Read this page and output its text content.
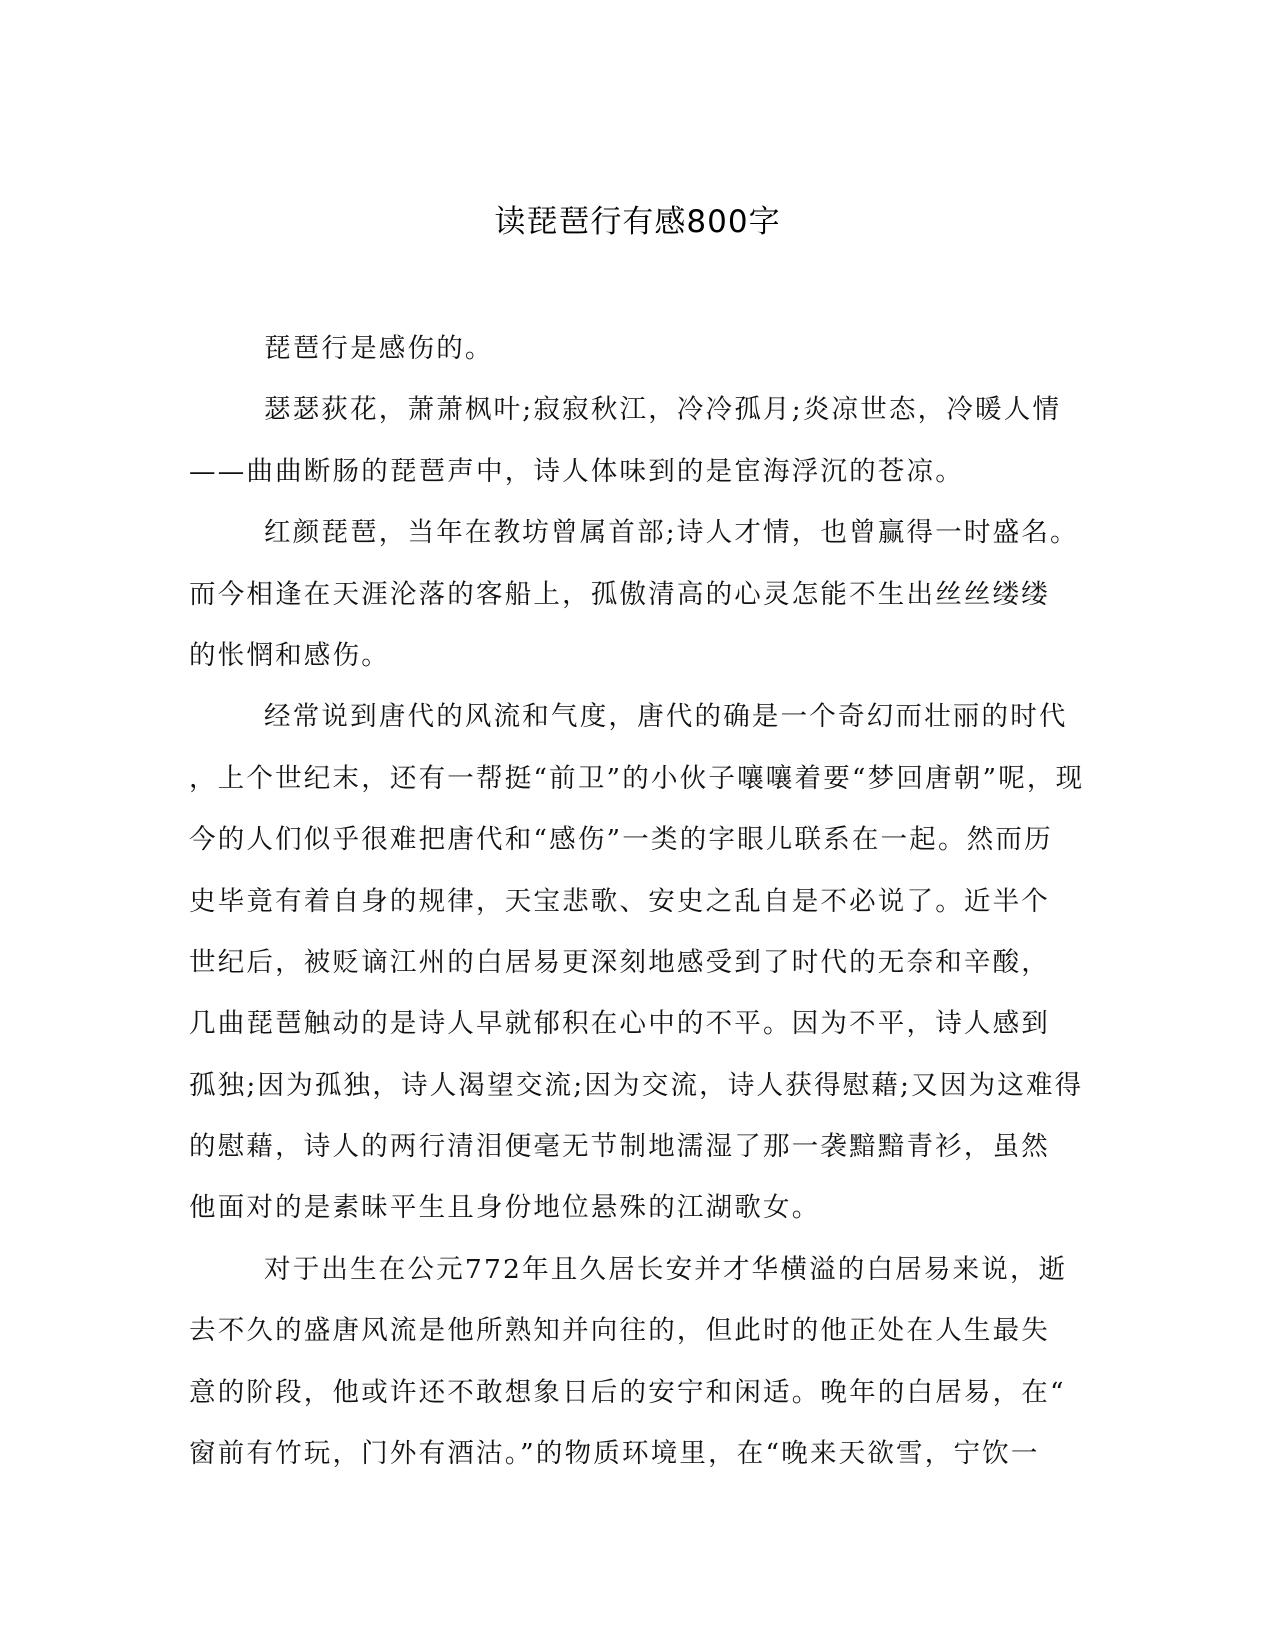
读琵琶行有感800字
琵琶行是感伤的。
瑟瑟荻花，萧萧枫叶;寂寂秋江，冷冷孤月;炎凉世态，冷暖人情
——曲曲断肠的琵琶声中，诗人体味到的是宦海浮沉的苍凉。
红颜琵琶，当年在教坊曾属首部;诗人才情，也曾赢得一时盛名。
而今相逢在天涯沦落的客船上，孤傲清高的心灵怎能不生出丝丝缕缕
的怅惘和感伤。
经常说到唐代的风流和气度，唐代的确是一个奇幻而壮丽的时代
，上个世纪末，还有一帮挺“前卫”的小伙子嚷嚷着要“梦回唐朝”呢，现
今的人们似乎很难把唐代和“感伤”一类的字眼儿联系在一起。然而历
史毕竟有着自身的规律，天宝悲歌、安史之乱自是不必说了。近半个
世纪后，被贬谪江州的白居易更深刻地感受到了时代的无奈和辛酸，
几曲琵琶触动的是诗人早就郁积在心中的不平。因为不平，诗人感到
孤独;因为孤独，诗人渴望交流;因为交流，诗人获得慰藉;又因为这难得
的慰藉，诗人的两行清泪便毫无节制地濡湿了那一袭黯黯青衫，虽然
他面对的是素昧平生且身份地位悬殊的江湖歌女。
对于出生在公元772年且久居长安并才华横溢的白居易来说，逝
去不久的盛唐风流是他所熟知并向往的，但此时的他正处在人生最失
意的阶段，他或许还不敢想象日后的安宁和闲适。晚年的白居易，在“
窗前有竹玩，门外有酒沽。”的物质环境里，在“晚来天欲雪，宁饮一
